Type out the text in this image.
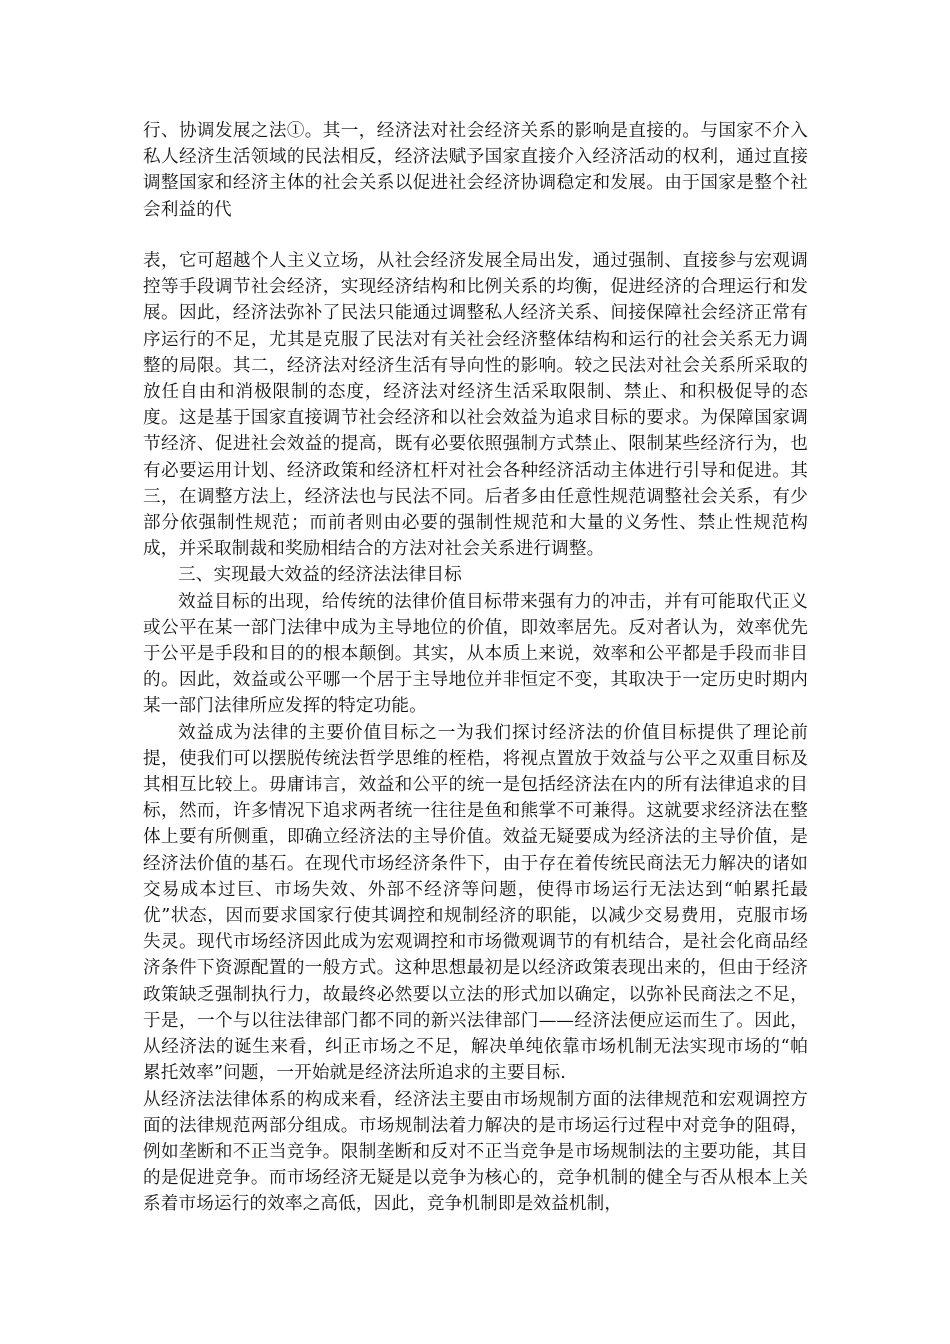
行、协调发展之法①。其一，经济法对社会经济关系的影响是直接的。与国家不介入私人经济生活领域的民法相反，经济法赋予国家直接介入经济活动的权利，通过直接调整国家和经济主体的社会关系以促进社会经济协调稳定和发展。由于国家是整个社会利益的代

表，它可超越个人主义立场，从社会经济发展全局出发，通过强制、直接参与宏观调控等手段调节社会经济，实现经济结构和比例关系的均衡，促进经济的合理运行和发展。因此，经济法弥补了民法只能通过调整私人经济关系、间接保障社会经济正常有序运行的不足，尤其是克服了民法对有关社会经济整体结构和运行的社会关系无力调整的局限。其二，经济法对经济生活有导向性的影响。较之民法对社会关系所采取的放任自由和消极限制的态度，经济法对经济生活采取限制、禁止、和积极促导的态度。这是基于国家直接调节社会经济和以社会效益为追求目标的要求。为保障国家调节经济、促进社会效益的提高，既有必要依照强制方式禁止、限制某些经济行为，也有必要运用计划、经济政策和经济杠杆对社会各种经济活动主体进行引导和促进。其三，在调整方法上，经济法也与民法不同。后者多由任意性规范调整社会关系，有少部分依强制性规范；而前者则由必要的强制性规范和大量的义务性、禁止性规范构成，并采取制裁和奖励相结合的方法对社会关系进行调整。

三、实现最大效益的经济法法律目标

效益目标的出现，给传统的法律价值目标带来强有力的冲击，并有可能取代正义或公平在某一部门法律中成为主导地位的价值，即效率居先。反对者认为，效率优先于公平是手段和目的的根本颠倒。其实，从本质上来说，效率和公平都是手段而非目的。因此，效益或公平哪一个居于主导地位并非恒定不变，其取决于一定历史时期内某一部门法律所应发挥的特定功能。

效益成为法律的主要价值目标之一为我们探讨经济法的价值目标提供了理论前提，使我们可以摆脱传统法哲学思维的桎梏，将视点置放于效益与公平之双重目标及其相互比较上。毋庸讳言，效益和公平的统一是包括经济法在内的所有法律追求的目标，然而，许多情况下追求两者统一往往是鱼和熊掌不可兼得。这就要求经济法在整体上要有所侧重，即确立经济法的主导价值。效益无疑要成为经济法的主导价值，是经济法价值的基石。在现代市场经济条件下，由于存在着传统民商法无力解决的诸如交易成本过巨、市场失效、外部不经济等问题，使得市场运行无法达到“帕累托最优”状态，因而要求国家行使其调控和规制经济的职能，以减少交易费用，克服市场失灵。现代市场经济因此成为宏观调控和市场微观调节的有机结合，是社会化商品经济条件下资源配置的一般方式。这种思想最初是以经济政策表现出来的，但由于经济政策缺乏强制执行力，故最终必然要以立法的形式加以确定，以弥补民商法之不足，于是，一个与以往法律部门都不同的新兴法律部门——经济法便应运而生了。因此，从经济法的诞生来看，纠正市场之不足，解决单纯依靠市场机制无法实现市场的“帕累托效率”问题，一开始就是经济法所追求的主要目标.

从经济法法律体系的构成来看，经济法主要由市场规制方面的法律规范和宏观调控方面的法律规范两部分组成。市场规制法着力解决的是市场运行过程中对竞争的阻碍，例如垄断和不正当竞争。限制垄断和反对不正当竞争是市场规制法的主要功能，其目的是促进竞争。而市场经济无疑是以竞争为核心的，竞争机制的健全与否从根本上关系着市场运行的效率之高低，因此，竞争机制即是效益机制，
